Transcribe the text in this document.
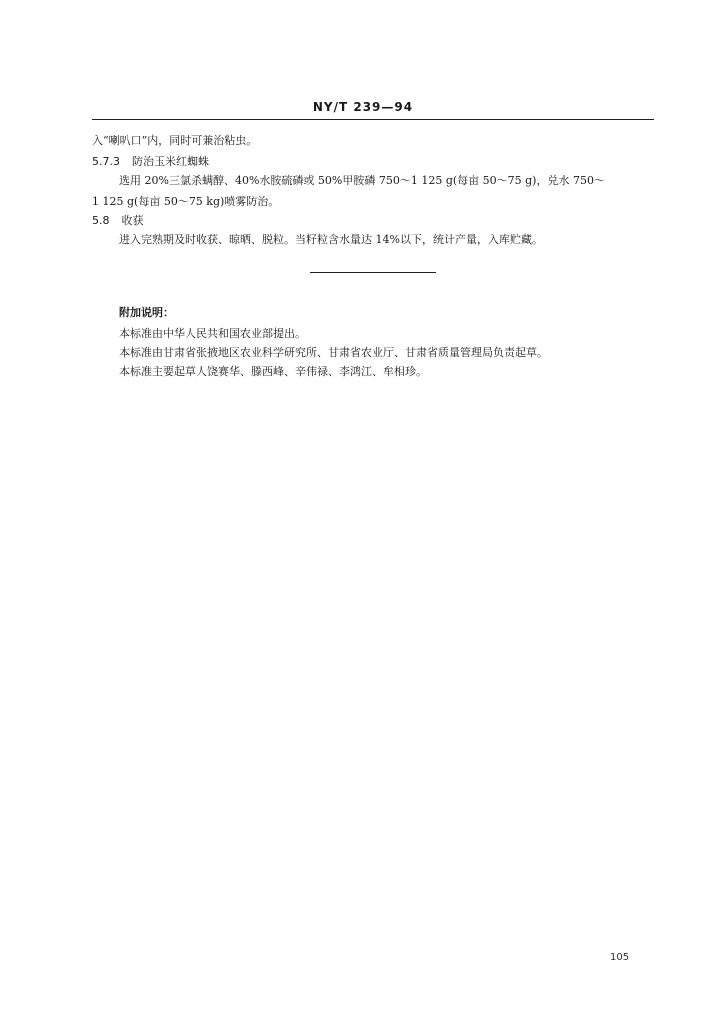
NY/T 239—94
入“喇叭口”内，同时可兼治粘虫。
5.7.3 防治玉米红蜘蛛
选用 20%三氯杀螨醇、40%水胺硫磷或 50%甲胺磷 750～1 125 g(每亩 50～75 g)，兑水 750～
1 125 g(每亩 50～75 kg)喷雾防治。
5.8 收获
进入完熟期及时收获、晾晒、脱粒。当籽粒含水量达 14%以下，统计产量，入库贮藏。
附加说明：
本标准由中华人民共和国农业部提出。
本标准由甘肃省张掖地区农业科学研究所、甘肃省农业厅、甘肃省质量管理局负责起草。
本标准主要起草人饶赛华、滕西峰、辛伟禄、李鸿江、牟相珍。
105
